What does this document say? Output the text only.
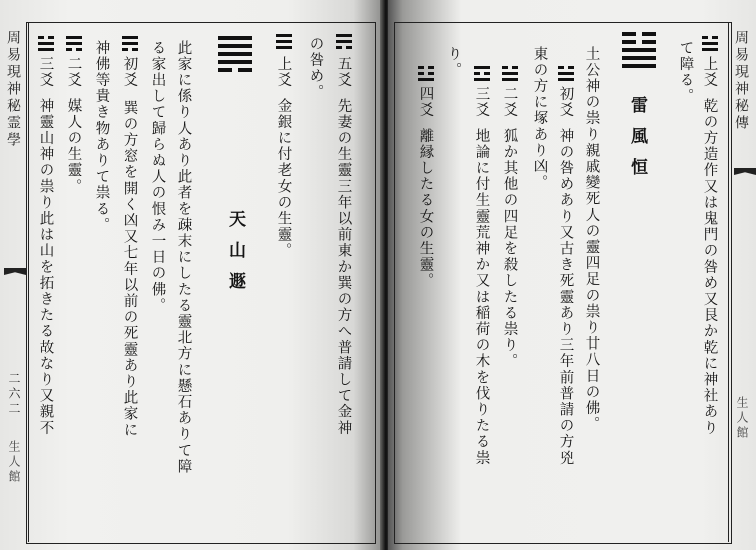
周易現神秘霊學
二六二
生人館
天山遯
五爻
先妻の生靈三年以前東か巽の方へ普請して金神
の咎め。
上爻
金銀に付老女の生靈。
此家に係り人あり此者を疎末にしたる靈北方に懸石ありて障
る家出して歸らぬ人の恨み一日の佛。
初爻
巽の方窓を開く凶又七年以前の死靈あり此家に
神佛等貴き物ありて祟る。
二爻
媒人の生靈。
三爻
神靈山神の祟り此は山を拓きたる故なり又親不
周易現神秘傳
生人館
上爻
乾の方造作又は鬼門の咎め又艮か乾に神社あり
て障る。
雷風恒
土公神の祟り親戚變死人の靈四足の祟り廿八日の佛。
初爻
神の咎めあり又古き死靈あり三年前普請の方兇
東の方に塚あり凶。
二爻
狐か其他の四足を殺したる祟り。
三爻
地論に付生靈荒神か又は稲荷の木を伐りたる祟
り。
四爻
離縁したる女の生靈。
